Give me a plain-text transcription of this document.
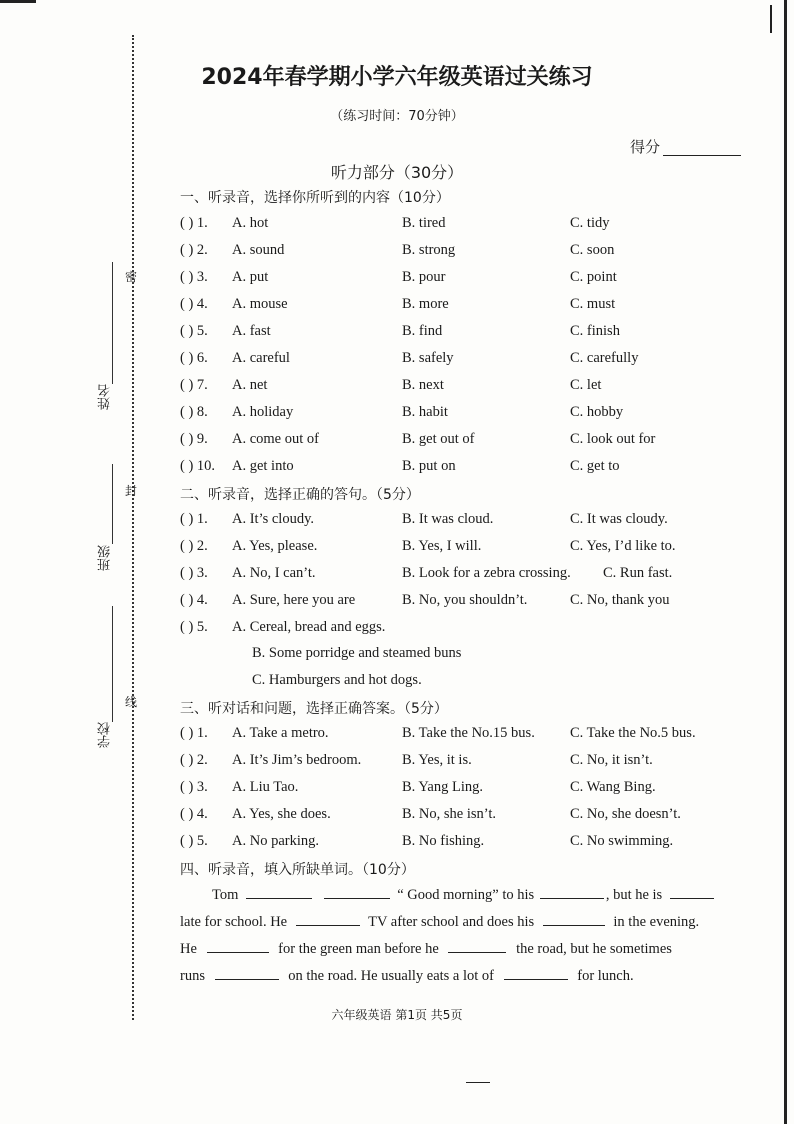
密
封
线
姓名
班级
学校
2024年春学期小学六年级英语过关练习
（练习时间：70分钟）
得分
听力部分（30分）
一、听录音，选择你所听到的内容（10分）
( ) 1. A. hot	B. tired	C. tidy
( ) 2. A. sound	B. strong	C. soon
( ) 3. A. put	B. pour	C. point
( ) 4. A. mouse	B. more	C. must
( ) 5. A. fast	B. find	C. finish
( ) 6. A. careful	B. safely	C. carefully
( ) 7. A. net	B. next	C. let
( ) 8. A. holiday	B. habit	C. hobby
( ) 9. A. come out of	B. get out of	C. look out for
( ) 10. A. get into	B. put on	C. get to
二、听录音，选择正确的答句。（5分）
( ) 1. A. It’s cloudy.	B. It was cloud.	C. It was cloudy.
( ) 2. A. Yes, please.	B. Yes, I will.	C. Yes, I’d like to.
( ) 3. A. No, I can’t.	B. Look for a zebra crossing. C. Run fast.
( ) 4. A. Sure, here you are	B. No, you shouldn’t.	C. No, thank you
( ) 5. A. Cereal, bread and eggs.
B. Some porridge and steamed buns
C. Hamburgers and hot dogs.
三、听对话和问题，选择正确答案。（5分）
( ) 1. A. Take a metro.	B. Take the No.15 bus. C. Take the No.5 bus.
( ) 2. A. It’s Jim’s bedroom.	B. Yes, it is.	C. No, it isn’t.
( ) 3. A. Liu Tao.	B. Yang Ling.	C. Wang Bing.
( ) 4. A. Yes, she does.	B. No, she isn’t.	C. No, she doesn’t.
( ) 5. A. No parking.	B. No fishing.	C. No swimming.
四、听录音，填入所缺单词。（10分）
Tom	“ Good morning” to his	, but he is
late for school. He	TV after school and does his	in the evening.
He	for the green man before he	the road, but he sometimes
runs	on the road. He usually eats a lot of	for lunch.
六年级英语 第1页 共5页
